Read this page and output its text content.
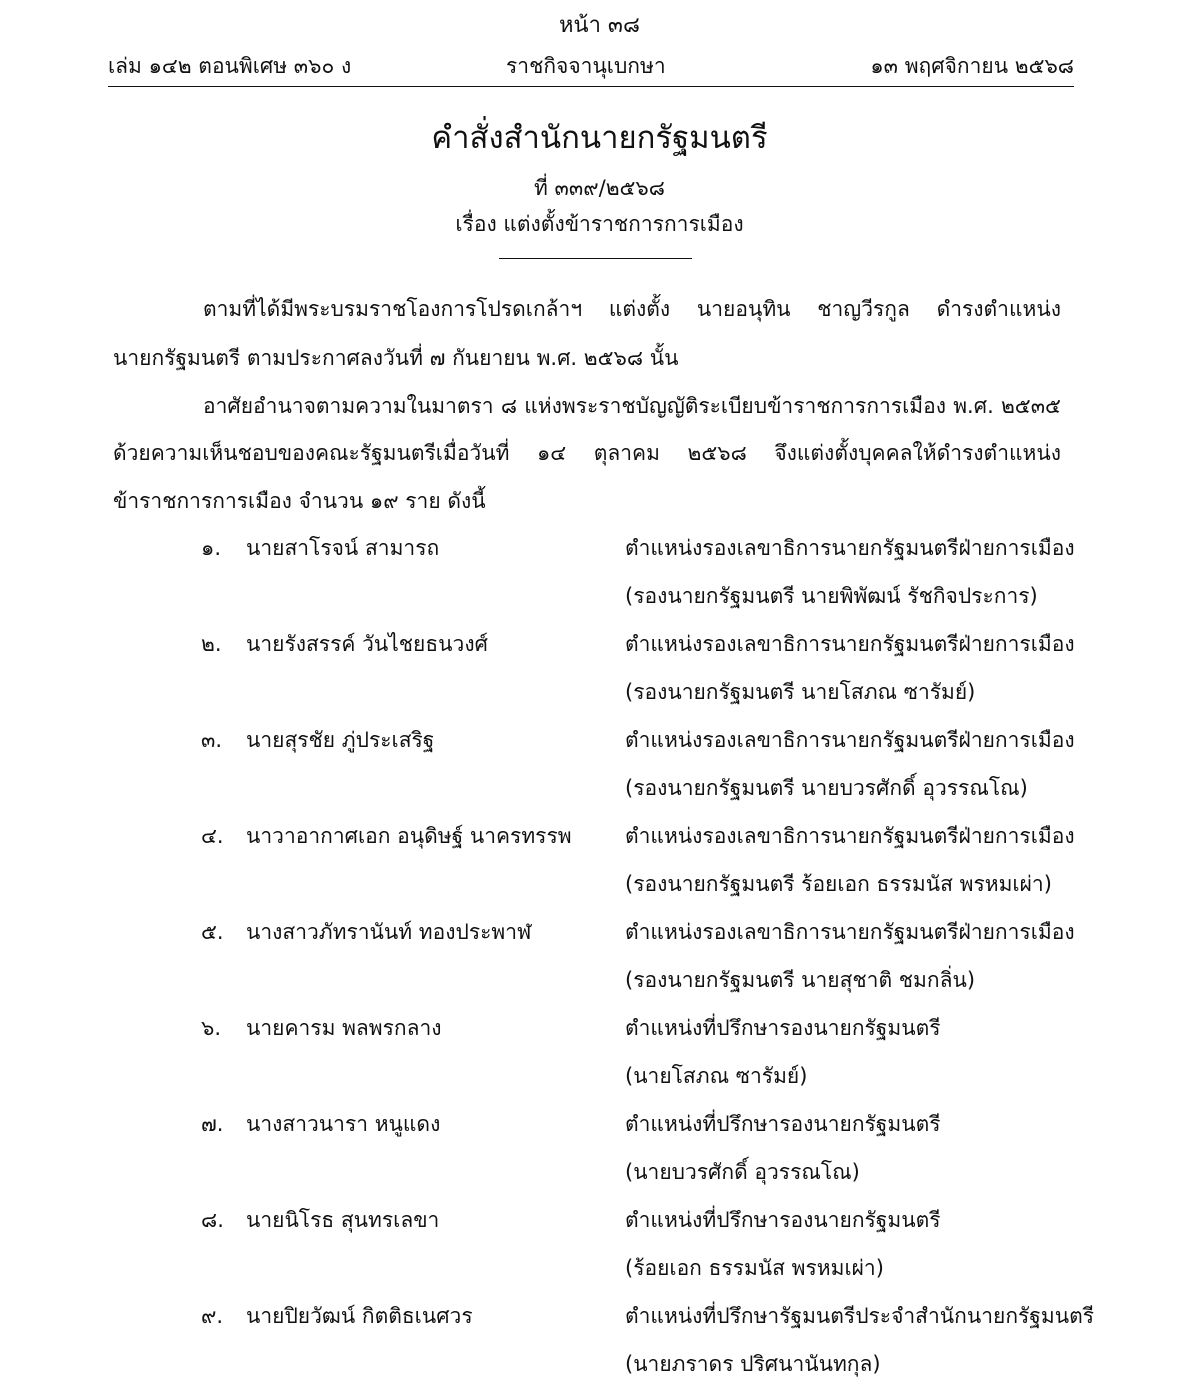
หน้า ๓๘
เล่ม ๑๔๒ ตอนพิเศษ ๓๖๐ ง	ราชกิจจานุเบกษา	๑๓ พฤศจิกายน ๒๕๖๘
คำสั่งสำนักนายกรัฐมนตรี
ที่ ๓๓๙/๒๕๖๘
เรื่อง แต่งตั้งข้าราชการการเมือง
ตามที่ได้มีพระบรมราชโองการโปรดเกล้าฯ แต่งตั้ง นายอนุทิน ชาญวีรกูล ดำรงตำแหน่ง
นายกรัฐมนตรี ตามประกาศลงวันที่ ๗ กันยายน พ.ศ. ๒๕๖๘ นั้น
อาศัยอำนาจตามความในมาตรา ๘ แห่งพระราชบัญญัติระเบียบข้าราชการการเมือง พ.ศ. ๒๕๓๕
ด้วยความเห็นชอบของคณะรัฐมนตรีเมื่อวันที่ ๑๔ ตุลาคม ๒๕๖๘ จึงแต่งตั้งบุคคลให้ดำรงตำแหน่ง
ข้าราชการการเมือง จำนวน ๑๙ ราย ดังนี้
๑. นายสาโรจน์ สามารถ	ตำแหน่งรองเลขาธิการนายกรัฐมนตรีฝ่ายการเมือง
(รองนายกรัฐมนตรี นายพิพัฒน์ รัชกิจประการ)
๒. นายรังสรรค์ วันไชยธนวงศ์	ตำแหน่งรองเลขาธิการนายกรัฐมนตรีฝ่ายการเมือง
(รองนายกรัฐมนตรี นายโสภณ ซารัมย์)
๓. นายสุรชัย ภู่ประเสริฐ	ตำแหน่งรองเลขาธิการนายกรัฐมนตรีฝ่ายการเมือง
(รองนายกรัฐมนตรี นายบวรศักดิ์ อุวรรณโณ)
๔. นาวาอากาศเอก อนุดิษฐ์ นาครทรรพ	ตำแหน่งรองเลขาธิการนายกรัฐมนตรีฝ่ายการเมือง
(รองนายกรัฐมนตรี ร้อยเอก ธรรมนัส พรหมเผ่า)
๕. นางสาวภัทรานันท์ ทองประพาฬ	ตำแหน่งรองเลขาธิการนายกรัฐมนตรีฝ่ายการเมือง
(รองนายกรัฐมนตรี นายสุชาติ ชมกลิ่น)
๖. นายคารม พลพรกลาง	ตำแหน่งที่ปรึกษารองนายกรัฐมนตรี
(นายโสภณ ซารัมย์)
๗. นางสาวนารา หนูแดง	ตำแหน่งที่ปรึกษารองนายกรัฐมนตรี
(นายบวรศักดิ์ อุวรรณโณ)
๘. นายนิโรธ สุนทรเลขา	ตำแหน่งที่ปรึกษารองนายกรัฐมนตรี
(ร้อยเอก ธรรมนัส พรหมเผ่า)
๙. นายปิยวัฒน์ กิตติธเนศวร	ตำแหน่งที่ปรึกษารัฐมนตรีประจำสำนักนายกรัฐมนตรี
(นายภราดร ปริศนานันทกุล)
